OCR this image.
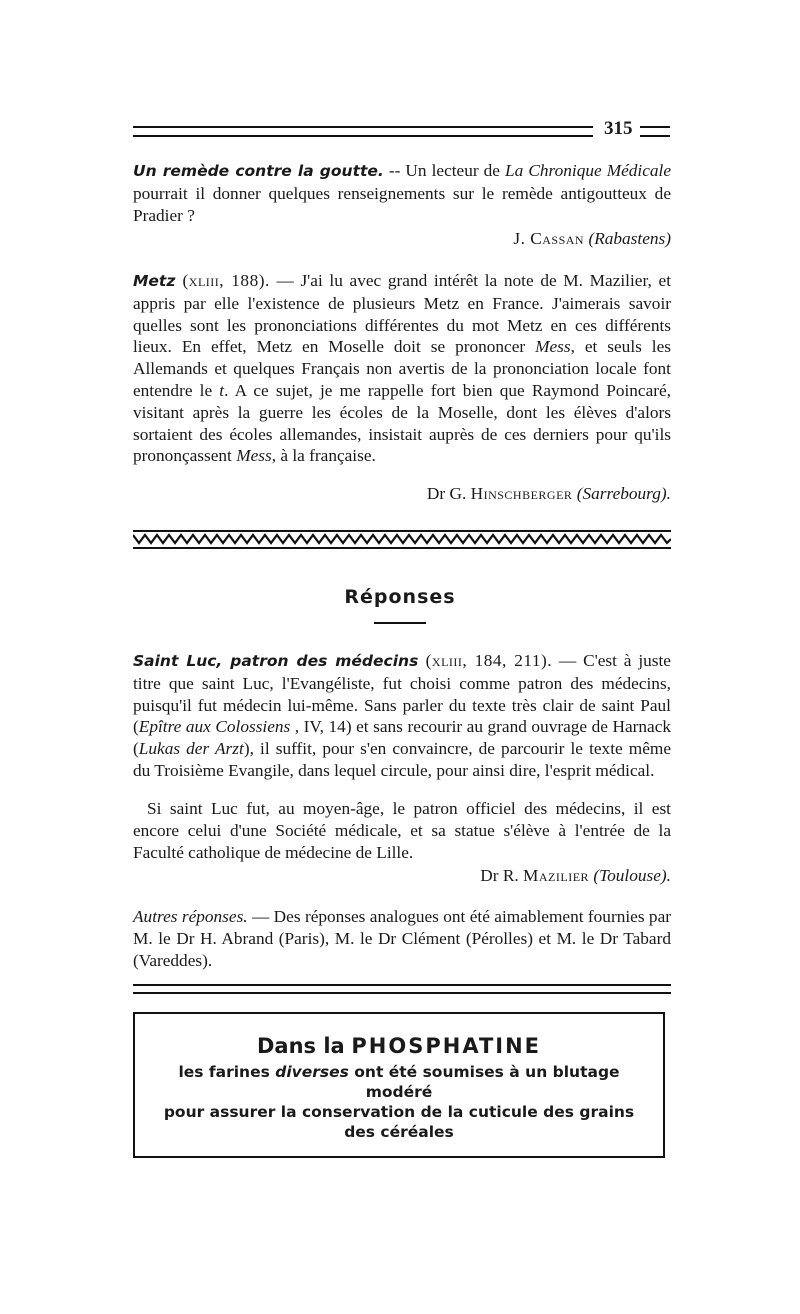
315

Un remède contre la goutte. -- Un lecteur de La Chronique Médicale pourrait il donner quelques renseignements sur le remède antigoutteux de Pradier ?

J. Cassan (Rabastens)

Metz (xliii, 188). — J'ai lu avec grand intérêt la note de M. Mazilier, et appris par elle l'existence de plusieurs Metz en France. J'aimerais savoir quelles sont les prononciations différentes du mot Metz en ces différents lieux. En effet, Metz en Moselle doit se prononcer Mess, et seuls les Allemands et quelques Français non avertis de la prononciation locale font entendre le t. A ce sujet, je me rappelle fort bien que Raymond Poincaré, visitant après la guerre les écoles de la Moselle, dont les élèves d'alors sortaient des écoles allemandes, insistait auprès de ces derniers pour qu'ils prononçassent Mess, à la française.

Dr G. Hinschberger (Sarrebourg).

Réponses

Saint Luc, patron des médecins (xliii, 184, 211). — C'est à juste titre que saint Luc, l'Evangéliste, fut choisi comme patron des médecins, puisqu'il fut médecin lui-même. Sans parler du texte très clair de saint Paul (Epître aux Colossiens , IV, 14) et sans recourir au grand ouvrage de Harnack (Lukas der Arzt), il suffit, pour s'en convaincre, de parcourir le texte même du Troisième Evangile, dans lequel circule, pour ainsi dire, l'esprit médical.

Si saint Luc fut, au moyen-âge, le patron officiel des médecins, il est encore celui d'une Société médicale, et sa statue s'élève à l'entrée de la Faculté catholique de médecine de Lille.

Dr R. Mazilier (Toulouse).

Autres réponses. — Des réponses analogues ont été aimablement fournies par M. le Dr H. Abrand (Paris), M. le Dr Clément (Pérolles) et M. le Dr Tabard (Vareddes).

Dans la PHOSPHATINE

les farines diverses ont été soumises à un blutage

modéré

pour assurer la conservation de la cuticule des grains

des céréales
